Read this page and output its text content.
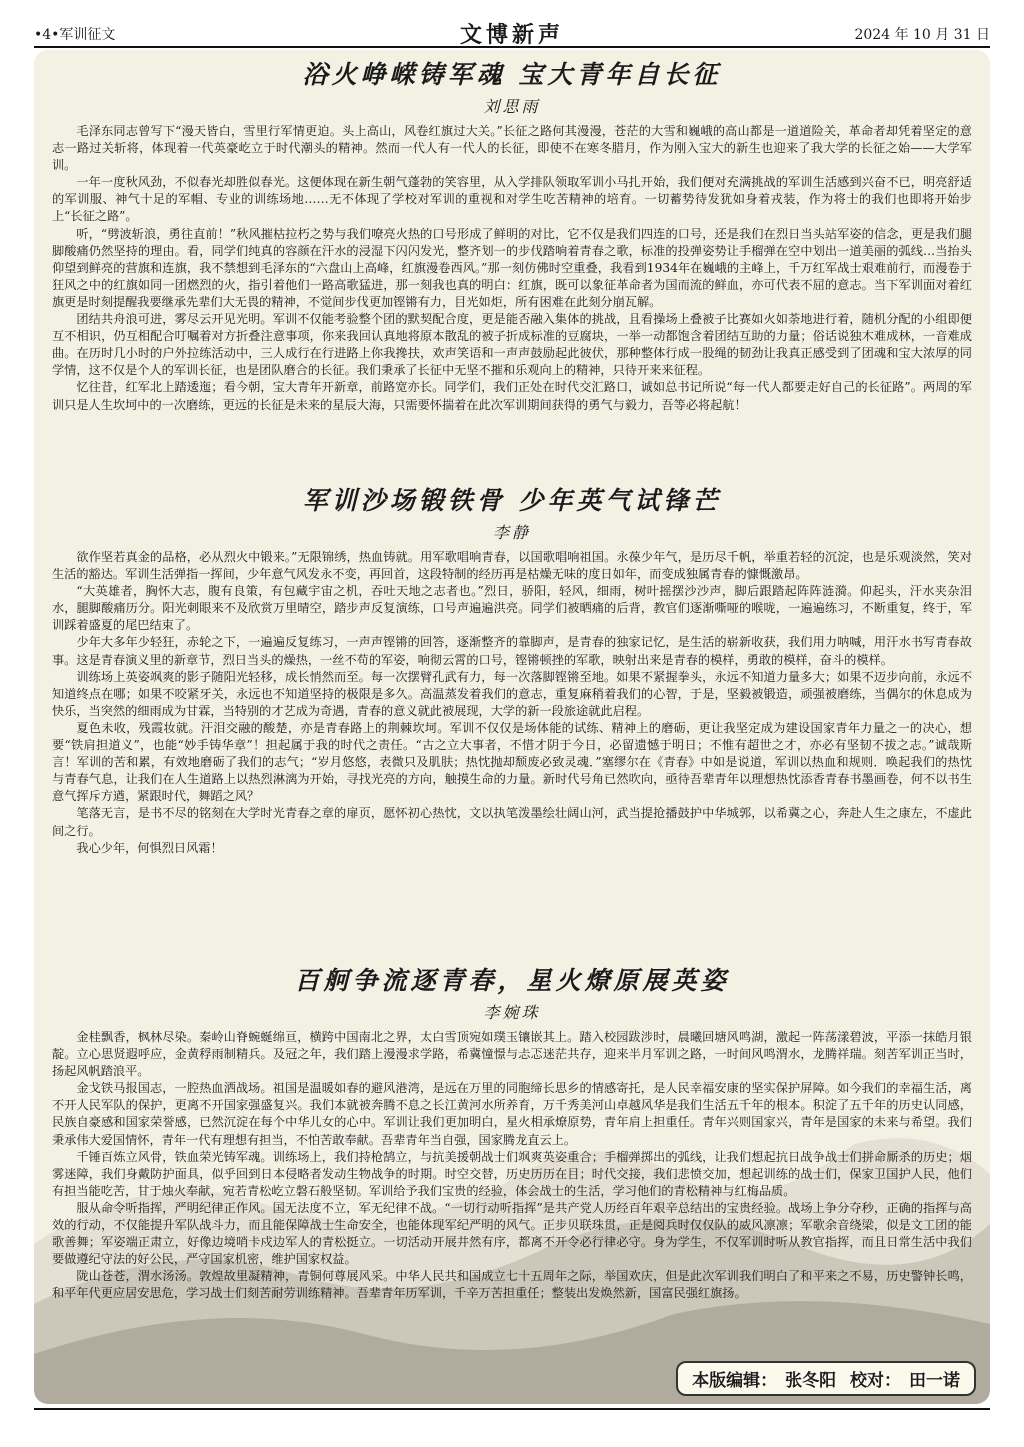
•4•军训征文	文博新声	2024 年 10 月 31 日
浴火峥嵘铸军魂 宝大青年自长征
刘思雨

毛泽东同志曾写下“漫天皆白，雪里行军情更迫。头上高山，风卷红旗过大关。”长征之路何其漫漫，苍茫的大雪和巍峨的高山都是一道道险关，革命者却凭着坚定的意志一路过关斩将，体现着一代英豪屹立于时代潮头的精神。然而一代人有一代人的长征，即使不在寒冬腊月，作为刚入宝大的新生也迎来了我大学的长征之始——大学军训。

一年一度秋风劲，不似春光却胜似春光。这便体现在新生朝气蓬勃的笑容里，从入学排队领取军训小马扎开始，我们便对充满挑战的军训生活感到兴奋不已，明亮舒适的军训服、神气十足的军帽、专业的训练场地……无不体现了学校对军训的重视和对学生吃苦精神的培育。一切蓄势待发犹如身着戎装，作为将士的我们也即将开始步上“长征之路”。

听，“劈波斩浪，勇往直前！”秋风摧枯拉朽之势与我们嘹亮火热的口号形成了鲜明的对比，它不仅是我们四连的口号，还是我们在烈日当头站军姿的信念，更是我们腿脚酸痛仍然坚持的理由。看，同学们纯真的容颜在汗水的浸湿下闪闪发光，整齐划一的步伐踏响着青春之歌，标准的投弹姿势让手榴弹在空中划出一道美丽的弧线…当抬头仰望到鲜亮的营旗和连旗，我不禁想到毛泽东的“六盘山上高峰，红旗漫卷西风。”那一刻仿佛时空重叠，我看到1934年在巍峨的主峰上，千万红军战士艰难前行，而漫卷于狂风之中的红旗如同一团燃烈的火，指引着他们一路高歌猛进，那一刻我也真的明白：红旗，既可以象征革命者为国而流的鲜血，亦可代表不屈的意志。当下军训面对着红旗更是时刻提醒我要继承先辈们大无畏的精神，不觉间步伐更加铿锵有力，目光如炬，所有困难在此刻分崩瓦解。

团结共舟浪可进，雾尽云开见光明。军训不仅能考验整个团的默契配合度，更是能否融入集体的挑战，且看操场上叠被子比赛如火如荼地进行着，随机分配的小组即便互不相识，仍互相配合叮嘱着对方折叠注意事项，你来我回认真地将原本散乱的被子折成标准的豆腐块，一举一动都饱含着团结互助的力量；俗话说独木难成林，一音难成曲。在历时几小时的户外拉练活动中，三人成行在行进路上你我搀扶，欢声笑语和一声声鼓励起此彼伏，那种整体行成一股绳的韧劲让我真正感受到了团魂和宝大浓厚的同学情，这不仅是个人的军训长征，也是团队磨合的长征。我们秉承了长征中无坚不摧和乐观向上的精神，只待开来来征程。

忆往昔，红军北上踏逶迤；看今朝，宝大青年开新章，前路宽亦长。同学们，我们正处在时代交汇路口，诚如总书记所说“每一代人都要走好自己的长征路”。两周的军训只是人生坎坷中的一次磨练，更远的长征是未来的星辰大海，只需要怀揣着在此次军训期间获得的勇气与毅力，吾等必将起航！

军训沙场锻铁骨 少年英气试锋芒
李静

欲作坚若真金的品格，必从烈火中锻来。”无限锦绣，热血铸就。用军歌唱响青春，以国歌唱响祖国。永葆少年气，是历尽千帆，举重若轻的沉淀，也是乐观淡然，笑对生活的豁达。军训生活弹指一挥间，少年意气风发永不变，再回首，这段特制的经历再是枯燥无味的度日如年，而变成独属青春的慷慨激昂。

“大英雄者，胸怀大志，腹有良策，有包藏宇宙之机，吞吐天地之志者也。”烈日，骄阳，轻风，细雨，树叶摇摆沙沙声，脚后跟踏起阵阵涟漪。仰起头，汗水夹杂泪水，腿脚酸痛历分。阳光刺眼来不及欣赏万里晴空，踏步声反复演练，口号声遍遍洪亮。同学们被晒痛的后背，教官们逐渐嘶哑的喉咙，一遍遍练习，不断重复，终于，军训踩着盛夏的尾巴结束了。

少年大多年少轻狂，赤轮之下，一遍遍反复练习，一声声铿锵的回答，逐渐整齐的靠脚声，是青春的独家记忆，是生活的崭新收获，我们用力呐喊，用汗水书写青春故事。这是青春演义里的新章节，烈日当头的燥热，一丝不苟的军姿，响彻云霄的口号，铿锵顿挫的军歌，映射出来是青春的模样，勇敢的模样，奋斗的模样。

训练场上英姿飒爽的影子随阳光轻移，成长悄然而至。每一次摆臂孔武有力，每一次落脚铿锵至地。如果不紧握拳头，永远不知道力量多大；如果不迈步向前，永远不知道终点在哪；如果不咬紧牙关，永远也不知道坚持的极限是多久。高温蒸发着我们的意志，重复麻稍着我们的心智，于是，坚毅被锻造，顽强被磨练，当偶尔的休息成为快乐，当突然的细雨成为甘霖，当特别的才艺成为奇遇，青春的意义就此被展现，大学的新一段旅途就此启程。

夏色未收，残霞妆就。汗泪交融的酸楚，亦是青春路上的荆棘坎坷。军训不仅仅是场体能的试练、精神上的磨砺，更让我坚定成为建设国家青年力量之一的决心，想要“铁肩担道义”，也能“妙手铸华章”！担起属于我的时代之责任。“古之立大事者，不惜才阴于今日，必留遗憾于明日；不惟有超世之才，亦必有坚韧不拔之志。”诚哉斯言！军训的苦和累，有效地磨砺了我们的志气；“岁月悠悠，表微只及肌肤；热忱抛却颓废必致灵魂．”塞缪尔在《青春》中如是说道，军训以热血和规则．唤起我们的热忱与青春气息，让我们在人生道路上以热烈淋漓为开始，寻找光亮的方向，触摸生命的力量。新时代号角已然吹向，亟待吾辈青年以理想热忱添香青春书墨画卷，何不以书生意气挥斥方遒，紧跟时代，舞蹈之风？

笔落无言，是书不尽的铭刻在大学时光青春之章的扉页，愿怀初心热忱，文以执笔泼墨绘壮阔山河，武当提抢播鼓护中华城郭，以希冀之心，奔赴人生之康左，不虚此间之行。

我心少年，何惧烈日风霜！

百舸争流逐青春，星火燎原展英姿
李婉珠

金桂飘香，枫林尽染。秦岭山脊蜿蜒绵亘，横跨中国南北之界，太白雪顶宛如璞玉镶嵌其上。踏入校园跋涉时，晨曦回塘风鸣湖，激起一阵荡漾碧波，平添一抹皓月银靛。立心思贤遐呼应，金黄稃雨制精兵。及冠之年，我们踏上漫漫求学路，希冀憧憬与忐忑迷茫共存，迎来半月军训之路，一时间风鸣渭水，龙腾祥瑞。刻苦军训正当时，扬起风帆踏浪平。

金戈铁马报国志，一腔热血洒战场。祖国是温暖如春的避风港湾，是远在万里的同胞缔长思乡的情感寄托，是人民幸福安康的坚实保护屏障。如今我们的幸福生活，离不开人民军队的保护，更离不开国家强盛复兴。我们本就被奔腾不息之长江黄河水所养育，万千秀美河山卓越风华是我们生活五千年的根本。积淀了五千年的历史认同感，民族自豪感和国家荣誉感，已然沉淀在每个中华儿女的心中。军训让我们更加明白，星火相承燎原势，青年肩上担重任。青年兴则国家兴，青年是国家的未来与希望。我们秉承伟大爱国情怀，青年一代有理想有担当，不怕苦敢奉献。吾辈青年当自强，国家腾龙直云上。

千锤百炼立风骨，铁血荣光铸军魂。训练场上，我们持枪鹄立，与抗美援朝战士们飒爽英姿重合；手榴弹掷出的弧线，让我们想起抗日战争战士们拼命厮杀的历史；烟雾迷障，我们身戴防护面具，似乎回到日本侵略者发动生物战争的时期。时空交替，历史历历在目；时代交接，我们悲愤交加，想起训练的战士们，保家卫国护人民，他们有担当能吃苦，甘于烛火奉献，宛若青松屹立磐石般坚韧。军训给予我们宝贵的经验，体会战士的生活，学习他们的青松精神与红梅品质。

服从命令听指挥，严明纪律正作风。国无法度不立，军无纪律不战。“一切行动听指挥”是共产党人历经百年艰辛总结出的宝贵经验。战场上争分夺秒，正确的指挥与高效的行动，不仅能提升军队战斗力，而且能保障战士生命安全，也能体现军纪严明的风气。正步贝联珠贯，正是阅兵时仅仅队的威风凛凛；军歌余音绕梁，似是文工团的能歌善舞；军姿端正肃立，好像边境哨卡戍边军人的青松挺立。一切活动开展井然有序，都离不开令必行律必守。身为学生，不仅军训时听从教官指挥，而且日常生活中我们要做遵纪守法的好公民，严守国家机密，维护国家权益。

陇山苍苍，渭水汤汤。敦煌故里凝精神，青铜何尊展风采。中华人民共和国成立七十五周年之际，举国欢庆，但是此次军训我们明白了和平来之不易，历史警钟长鸣，和平年代更应居安思危，学习战士们刻苦耐劳训练精神。吾辈青年历军训，千辛万苦担重任；整装出发焕然新，国富民强红旗扬。

本版编辑： 张冬阳 校对： 田一诺
